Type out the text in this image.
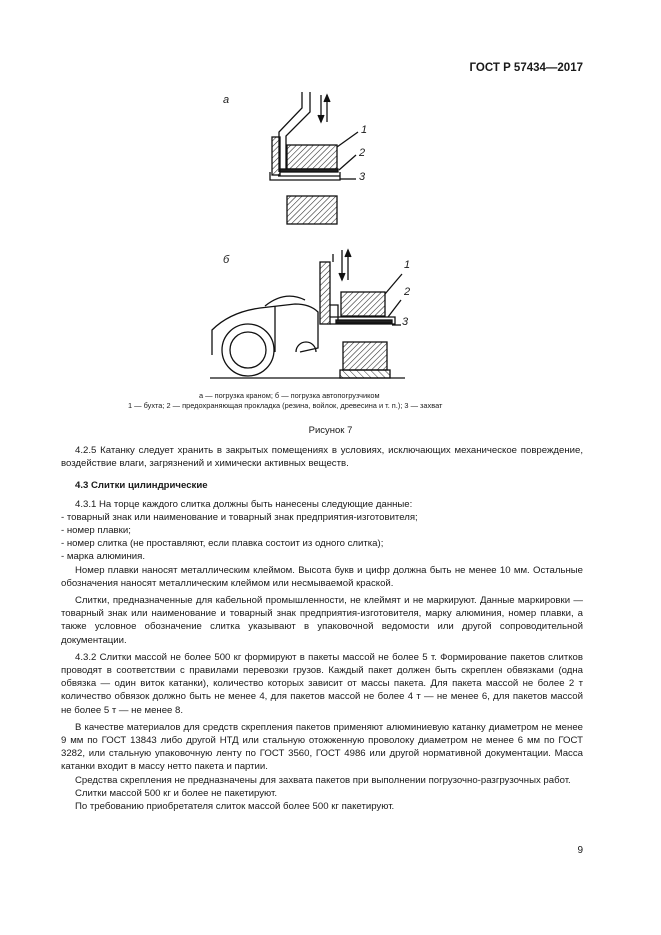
ГОСТ Р 57434—2017
а
1
2
3
б	1
2
3
а — погрузка краном; б — погрузка автопогрузчиком
1 — бухта; 2 — предохраняющая прокладка (резина, войлок, древесина и т. п.); 3 — захват
Рисунок 7

4.2.5 Катанку следует хранить в закрытых помещениях в условиях, исключающих механическое повреждение, воздействие влаги, загрязнений и химически активных веществ.

4.3 Слитки цилиндрические

4.3.1 На торце каждого слитка должны быть нанесены следующие данные:

- товарный знак или наименование и товарный знак предприятия-изготовителя;

- номер плавки;

- номер слитка (не проставляют, если плавка состоит из одного слитка);

- марка алюминия.

Номер плавки наносят металлическим клеймом. Высота букв и цифр должна быть не менее 10 мм. Остальные обозначения наносят металлическим клеймом или несмываемой краской.

Слитки, предназначенные для кабельной промышленности, не клеймят и не маркируют. Данные маркировки — товарный знак или наименование и товарный знак предприятия-изготовителя, марку алюминия, номер плавки, а также условное обозначение слитка указывают в упаковочной ведомости или другой сопроводительной документации.

4.3.2 Слитки массой не более 500 кг формируют в пакеты массой не более 5 т. Формирование пакетов слитков проводят в соответствии с правилами перевозки грузов. Каждый пакет должен быть скреплен обвязками (одна обвязка — один виток катанки), количество которых зависит от массы пакета. Для пакета массой не более 2 т количество обвязок должно быть не менее 4, для пакетов массой не более 4 т — не менее 6, для пакетов массой не более 5 т — не менее 8.

В качестве материалов для средств скрепления пакетов применяют алюминиевую катанку диаметром не менее 9 мм по ГОСТ 13843 либо другой НТД или стальную отожженную проволоку диаметром не менее 6 мм по ГОСТ 3282, или стальную упаковочную ленту по ГОСТ 3560, ГОСТ 4986 или другой нормативной документации. Масса катанки входит в массу нетто пакета и партии.

Средства скрепления не предназначены для захвата пакетов при выполнении погрузочно-разгрузочных работ.

Слитки массой 500 кг и более не пакетируют.

По требованию приобретателя слиток массой более 500 кг пакетируют.

9
